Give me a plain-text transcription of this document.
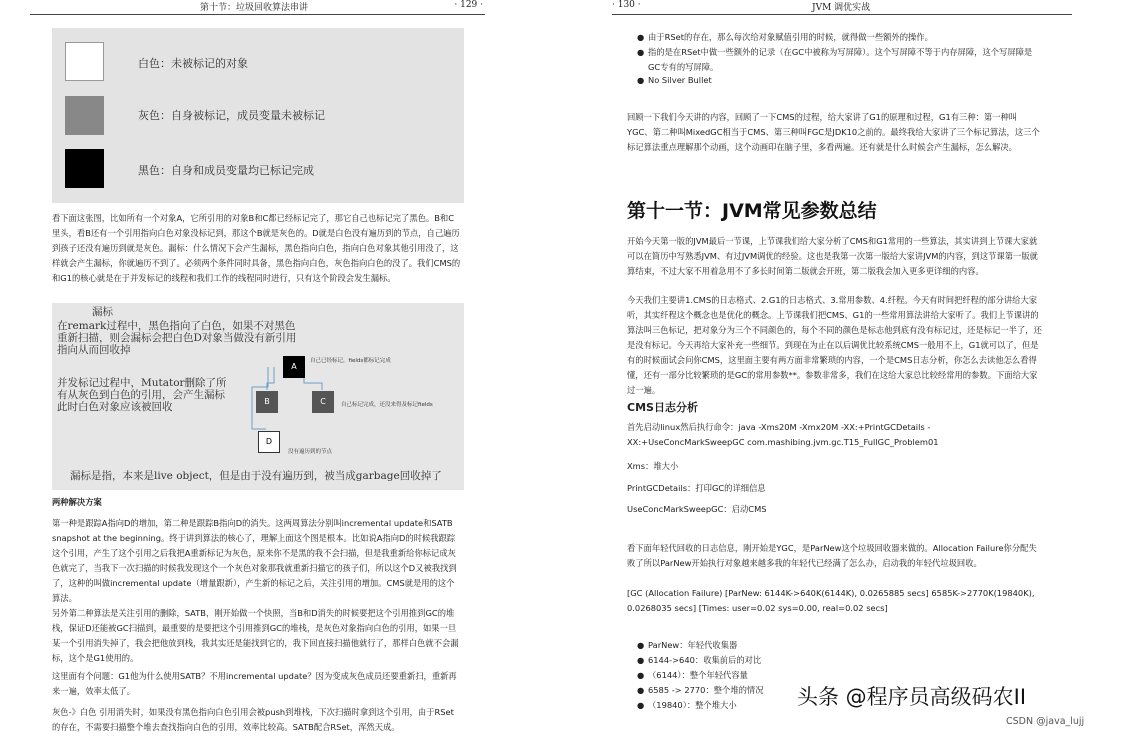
第十节：垃圾回收算法串讲	· 129 ·
白色：未被标记的对象
灰色：自身被标记，成员变量未被标记
黑色：自身和成员变量均已标记完成

看下面这张图，比如所有一个对象A，它所引用的对象B和C都已经标记完了，那它自己也标记完了黑色。B和C里头，看B还有一个引用指向白色对象没标记到，那这个B就是灰色的。D就是白色没有遍历到的节点，自己遍历到孩子还没有遍历到就是灰色。漏标：什么情况下会产生漏标，黑色指向白色，指向白色对象其他引用没了，这样就会产生漏标，你就遍历不到了。必须两个条件同时具备，黑色指向白色，灰色指向白色的没了。我们CMS的和G1的核心就是在于并发标记的线程和我们工作的线程同时进行，只有这个阶段会发生漏标。

漏标
在remark过程中，黑色指向了白色，如果不对黑色重新扫描，则会漏标会把白色D对象当做没有新引用指向从而回收掉
并发标记过程中，Mutator删除了所有从灰色到白色的引用，会产生漏标此时白色对象应该被回收
A
B	C
D
自己已经标记，fields都标记完成
自己标记完成，还没来得及标记fields
没有遍历到的节点
漏标是指，本来是live object，但是由于没有遍历到，被当成garbage回收掉了

两种解决方案

第一种是跟踪A指向D的增加，第二种是跟踪B指向D的消失。这两周算法分别叫incremental update和SATB snapshot at the beginning。终于讲到算法的核心了，理解上面这个图是根本。比如说A指向D的时候我跟踪这个引用，产生了这个引用之后我把A重新标记为灰色，原来你不是黑的我不会扫描，但是我重新给你标记成灰色就完了，当我下一次扫描的时候我发现这个一个灰色对象那我就重新扫描它的孩子们，所以这个D又被我找到了，这种的叫做incremental update（增量跟新），产生新的标记之后，关注引用的增加。CMS就是用的这个算法。

另外第二种算法是关注引用的删除，SATB，刚开始做一个快照，当B和D消失的时候要把这个引用推到GC的堆栈，保证D还能被GC扫描到，最重要的是要把这个引用推到GC的堆栈，是灰色对象指向白色的引用，如果一旦某一个引用消失掉了，我会把他放到栈，我其实还是能找到它的，我下回直接扫描他就行了，那样白色就不会漏标，这个是G1使用的。

这里面有个问题：G1他为什么使用SATB？不用incremental update？因为变成灰色成员还要重新扫，重新再来一遍，效率太低了。

灰色-》白色 引用消失时，如果没有黑色指向白色引用会被push到堆栈，下次扫描时拿到这个引用，由于RSet的存在，不需要扫描整个堆去查找指向白色的引用，效率比较高。SATB配合RSet，浑然天成。

· 130 ·	JVM 调优实战
● 由于RSet的存在，那么每次给对象赋值引用的时候，就得做一些额外的操作。
● 指的是在RSet中做一些额外的记录（在GC中被称为写屏障）。这个写屏障不等于内存屏障，这个写屏障是GC专有的写屏障。
● No Silver Bullet

回顾一下我们今天讲的内容，回顾了一下CMS的过程，给大家讲了G1的原理和过程，G1有三种：第一种叫YGC、第二种叫MixedGC相当于CMS、第三种叫FGC是JDK10之前的。最终我给大家讲了三个标记算法，这三个标记算法重点理解那个动画，这个动画印在脑子里，多看两遍。还有就是什么时候会产生漏标，怎么解决。

第十一节：JVM常见参数总结

开始今天第一版的JVM最后一节课，上节课我们给大家分析了CMS和G1常用的一些算法，其实讲到上节课大家就可以在简历中写熟悉JVM、有过JVM调优的经验。这也是我第一次第一版给大家讲JVM的内容，到这节课第一版就算结束，不过大家不用着急用不了多长时间第二版就会开班，第二版我会加入更多更详细的内容。

今天我们主要讲1.CMS的日志格式、2.G1的日志格式、3.常用参数、4.纤程。今天有时间把纤程的部分讲给大家听，其实纤程这个概念也是优化的概念。上节课我们把CMS、G1的一些常用算法讲给大家听了。我们上节课讲的算法叫三色标记，把对象分为三个不同颜色的，每个不同的颜色是标志他到底有没有标记过，还是标记一半了，还是没有标记。今天再给大家补充一些细节。到现在为止在以后调优比较系统CMS一般用不上，G1就可以了，但是有的时候面试会问你CMS，这里面主要有两方面非常繁琐的内容，一个是CMS日志分析，你怎么去读他怎么看得懂，还有一部分比较繁琐的是GC的常用参数**。参数非常多，我们在这给大家总比较经常用的参数。下面给大家过一遍。

CMS日志分析

首先启动linux然后执行命令：java -Xms20M -Xmx20M -XX:+PrintGCDetails -XX:+UseConcMarkSweepGC com.mashibing.jvm.gc.T15_FullGC_Problem01

Xms：堆大小

PrintGCDetails：打印GC的详细信息

UseConcMarkSweepGC：启动CMS

看下面年轻代回收的日志信息，刚开始是YGC，是ParNew这个垃圾回收器来做的。Allocation Failure你分配失败了所以ParNew开始执行对象越来越多我的年轻代已经满了怎么办，启动我的年轻代垃圾回收。

[GC (Allocation Failure) [ParNew: 6144K->640K(6144K), 0.0265885 secs] 6585K->2770K(19840K), 0.0268035 secs] [Times: user=0.02 sys=0.00, real=0.02 secs]

● ParNew：年轻代收集器
● 6144->640：收集前后的对比
● （6144）：整个年轻代容量
● 6585 -> 2770：整个堆的情况
● （19840）：整个堆大小	头条 @程序员高级码农II
CSDN @java_lujj
